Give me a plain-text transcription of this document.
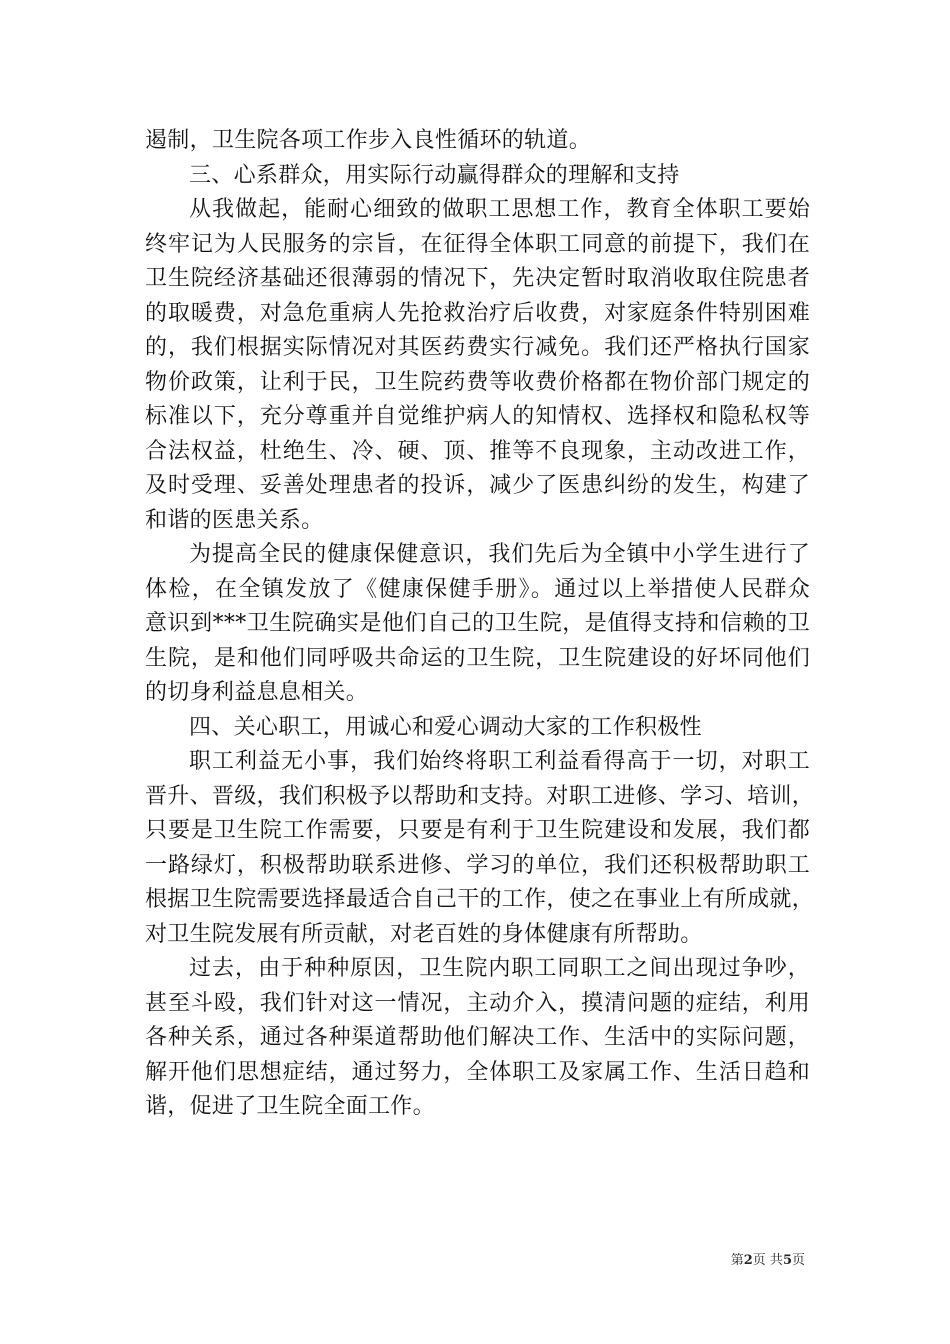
遏制，卫生院各项工作步入良性循环的轨道。
三、心系群众，用实际行动赢得群众的理解和支持
从我做起，能耐心细致的做职工思想工作，教育全体职工要始
终牢记为人民服务的宗旨，在征得全体职工同意的前提下，我们在
卫生院经济基础还很薄弱的情况下，先决定暂时取消收取住院患者
的取暖费，对急危重病人先抢救治疗后收费，对家庭条件特别困难
的，我们根据实际情况对其医药费实行减免。我们还严格执行国家
物价政策，让利于民，卫生院药费等收费价格都在物价部门规定的
标准以下，充分尊重并自觉维护病人的知情权、选择权和隐私权等
合法权益，杜绝生、冷、硬、顶、推等不良现象，主动改进工作，
及时受理、妥善处理患者的投诉，减少了医患纠纷的发生，构建了
和谐的医患关系。
为提高全民的健康保健意识，我们先后为全镇中小学生进行了
体检，在全镇发放了《健康保健手册》。通过以上举措使人民群众
意识到***卫生院确实是他们自己的卫生院，是值得支持和信赖的卫
生院，是和他们同呼吸共命运的卫生院，卫生院建设的好坏同他们
的切身利益息息相关。
四、关心职工，用诚心和爱心调动大家的工作积极性
职工利益无小事，我们始终将职工利益看得高于一切，对职工
晋升、晋级，我们积极予以帮助和支持。对职工进修、学习、培训，
只要是卫生院工作需要，只要是有利于卫生院建设和发展，我们都
一路绿灯，积极帮助联系进修、学习的单位，我们还积极帮助职工
根据卫生院需要选择最适合自己干的工作，使之在事业上有所成就，
对卫生院发展有所贡献，对老百姓的身体健康有所帮助。
过去，由于种种原因，卫生院内职工同职工之间出现过争吵，
甚至斗殴，我们针对这一情况，主动介入，摸清问题的症结，利用
各种关系，通过各种渠道帮助他们解决工作、生活中的实际问题，
解开他们思想症结，通过努力，全体职工及家属工作、生活日趋和
谐，促进了卫生院全面工作。
第2页 共5页
